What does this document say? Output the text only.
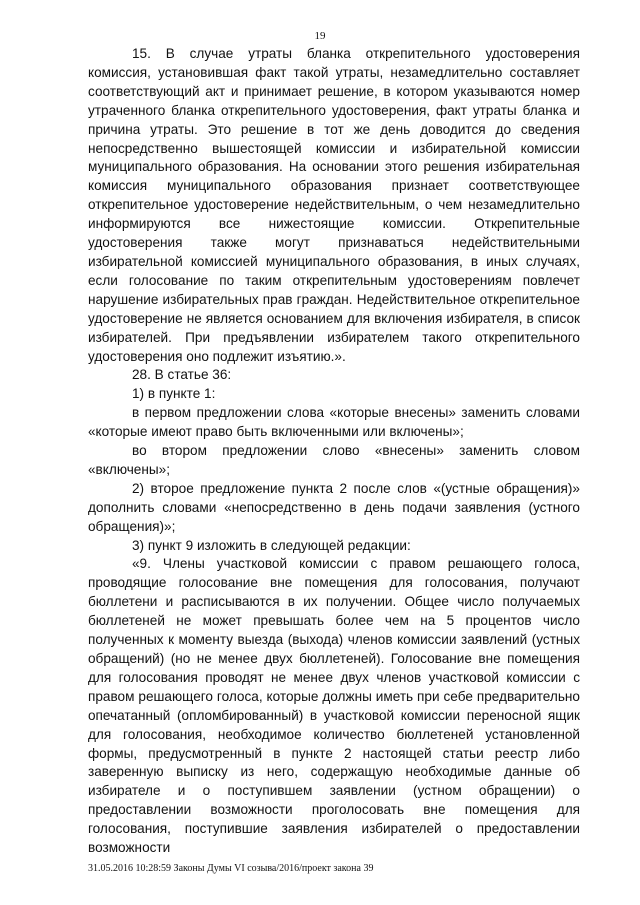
19

15. В случае утраты бланка открепительного удостоверения комиссия, установившая факт такой утраты, незамедлительно составляет соответствующий акт и принимает решение, в котором указываются номер утраченного бланка открепительного удостоверения, факт утраты бланка и причина утраты. Это решение в тот же день доводится до сведения непосредственно вышестоящей комиссии и избирательной комиссии муниципального образования. На основании этого решения избирательная комиссия муниципального образования признает соответствующее открепительное удостоверение недействительным, о чем незамедлительно информируются все нижестоящие комиссии. Открепительные удостоверения также могут признаваться недействительными избирательной комиссией муниципального образования, в иных случаях, если голосование по таким открепительным удостоверениям повлечет нарушение избирательных прав граждан. Недействительное открепительное удостоверение не является основанием для включения избирателя, в список избирателей. При предъявлении избирателем такого открепительного удостоверения оно подлежит изъятию.».

28. В статье 36:

1) в пункте 1:

в первом предложении слова «которые внесены» заменить словами «которые имеют право быть включенными или включены»;

во втором предложении слово «внесены» заменить словом «включены»;

2) второе предложение пункта 2 после слов «(устные обращения)» дополнить словами «непосредственно в день подачи заявления (устного обращения)»;

3) пункт 9 изложить в следующей редакции:

«9. Члены участковой комиссии с правом решающего голоса, проводящие голосование вне помещения для голосования, получают бюллетени и расписываются в их получении. Общее число получаемых бюллетеней не может превышать более чем на 5 процентов число полученных к моменту выезда (выхода) членов комиссии заявлений (устных обращений) (но не менее двух бюллетеней). Голосование вне помещения для голосования проводят не менее двух членов участковой комиссии с правом решающего голоса, которые должны иметь при себе предварительно опечатанный (опломбированный) в участковой комиссии переносной ящик для голосования, необходимое количество бюллетеней установленной формы, предусмотренный в пункте 2 настоящей статьи реестр либо заверенную выписку из него, содержащую необходимые данные об избирателе и о поступившем заявлении (устном обращении) о предоставлении возможности проголосовать вне помещения для голосования, поступившие заявления избирателей о предоставлении возможности

31.05.2016 10:28:59 Законы Думы VI созыва/2016/проект закона 39
